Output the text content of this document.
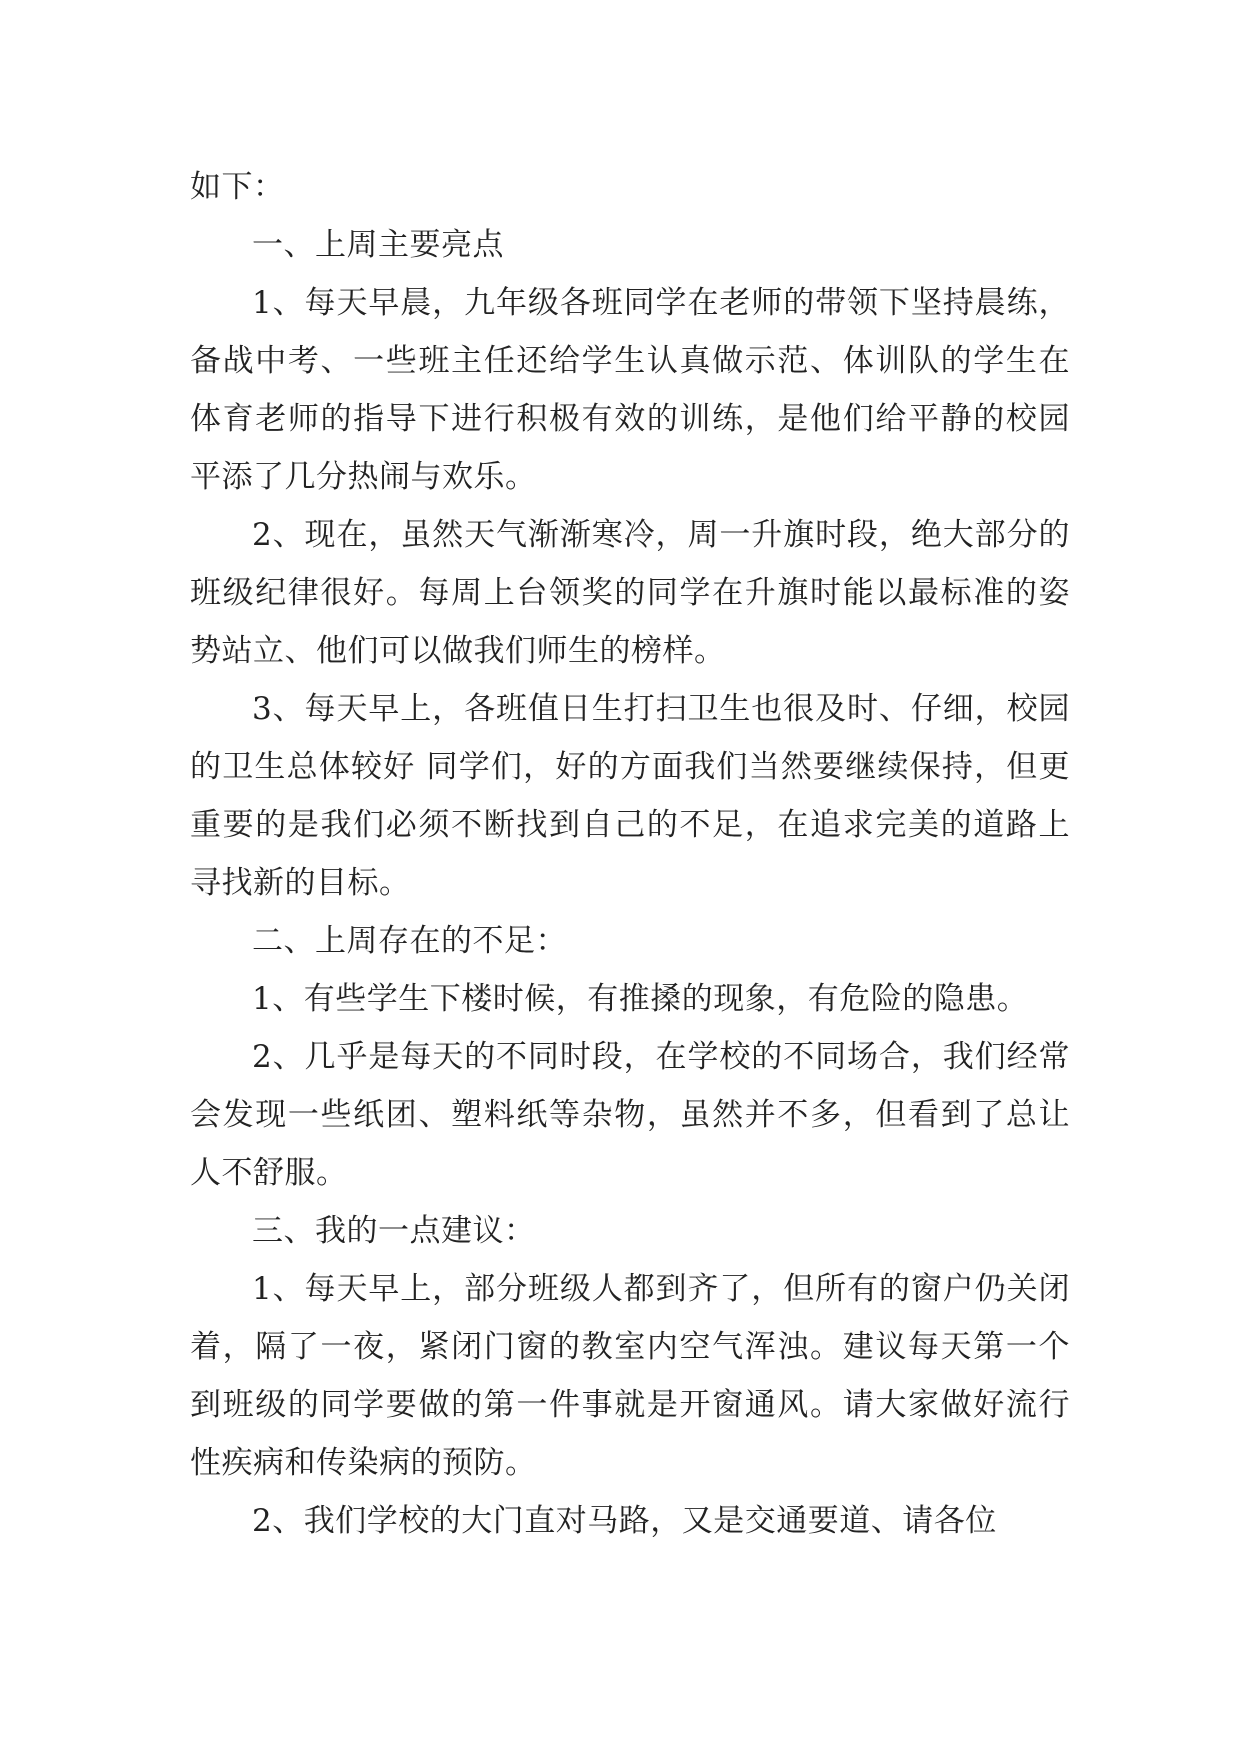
如下：

一、上周主要亮点

1、每天早晨，九年级各班同学在老师的带领下坚持晨练，备战中考、一些班主任还给学生认真做示范、体训队的学生在体育老师的指导下进行积极有效的训练，是他们给平静的校园平添了几分热闹与欢乐。

2、现在，虽然天气渐渐寒冷，周一升旗时段，绝大部分的班级纪律很好。每周上台领奖的同学在升旗时能以最标准的姿势站立、他们可以做我们师生的榜样。

3、每天早上，各班值日生打扫卫生也很及时、仔细，校园的卫生总体较好 同学们，好的方面我们当然要继续保持，但更重要的是我们必须不断找到自己的不足，在追求完美的道路上寻找新的目标。

二、上周存在的不足：

1、有些学生下楼时候，有推搡的现象，有危险的隐患。

2、几乎是每天的不同时段，在学校的不同场合，我们经常会发现一些纸团、塑料纸等杂物，虽然并不多，但看到了总让人不舒服。

三、我的一点建议：

1、每天早上，部分班级人都到齐了，但所有的窗户仍关闭着，隔了一夜，紧闭门窗的教室内空气浑浊。建议每天第一个到班级的同学要做的第一件事就是开窗通风。请大家做好流行性疾病和传染病的预防。

2、我们学校的大门直对马路，又是交通要道、请各位
